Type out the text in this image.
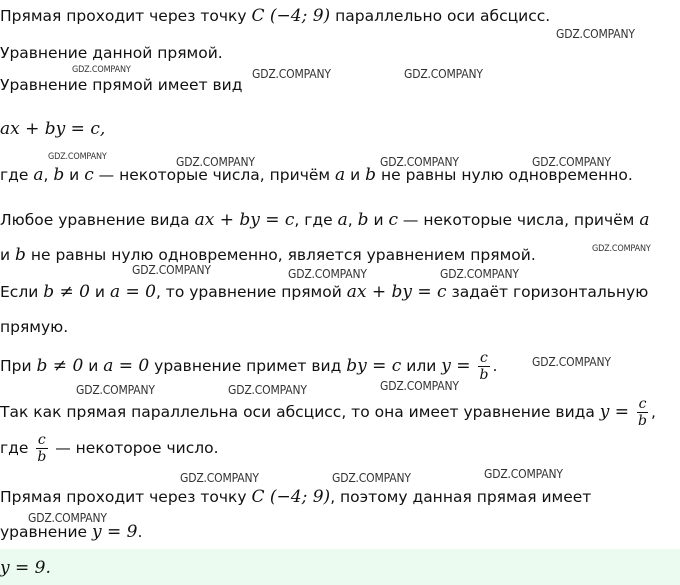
Прямая проходит через точку C (−4; 9) параллельно оси абсцисс.
Уравнение данной прямой.
Уравнение прямой имеет вид
ax + by = c,
где a, b и c — некоторые числа, причём a и b не равны нулю одновременно.
Любое уравнение вида ax + by = c, где a, b и c — некоторые числа, причём a
и b не равны нулю одновременно, является уравнением прямой.
Если b ≠ 0 и a = 0, то уравнение прямой ax + by = c задаёт горизонтальную
прямую.
При b ≠ 0 и a = 0 уравнение примет вид by = c или $y = \frac{c}{b}$ .
Так как прямая параллельна оси абсцисс, то она имеет уравнение вида $y = \frac{c}{b}$ ,
где $\frac{c}{b}$ — некоторое число.
Прямая проходит через точку C (−4; 9), поэтому данная прямая имеет
уравнение y = 9.
y = 9.
GDZ.COMPANY
GDZ.COMPANY	GDZ.COMPANY	GDZ.COMPANY
GDZ.COMPANY	GDZ.COMPANY	GDZ.COMPANY	GDZ.COMPANY
GDZ.COMPANY
GDZ.COMPANY	GDZ.COMPANY	GDZ.COMPANY
GDZ.COMPANY
GDZ.COMPANY	GDZ.COMPANY	GDZ.COMPANY
GDZ.COMPANY	GDZ.COMPANY	GDZ.COMPANY
GDZ.COMPANY
